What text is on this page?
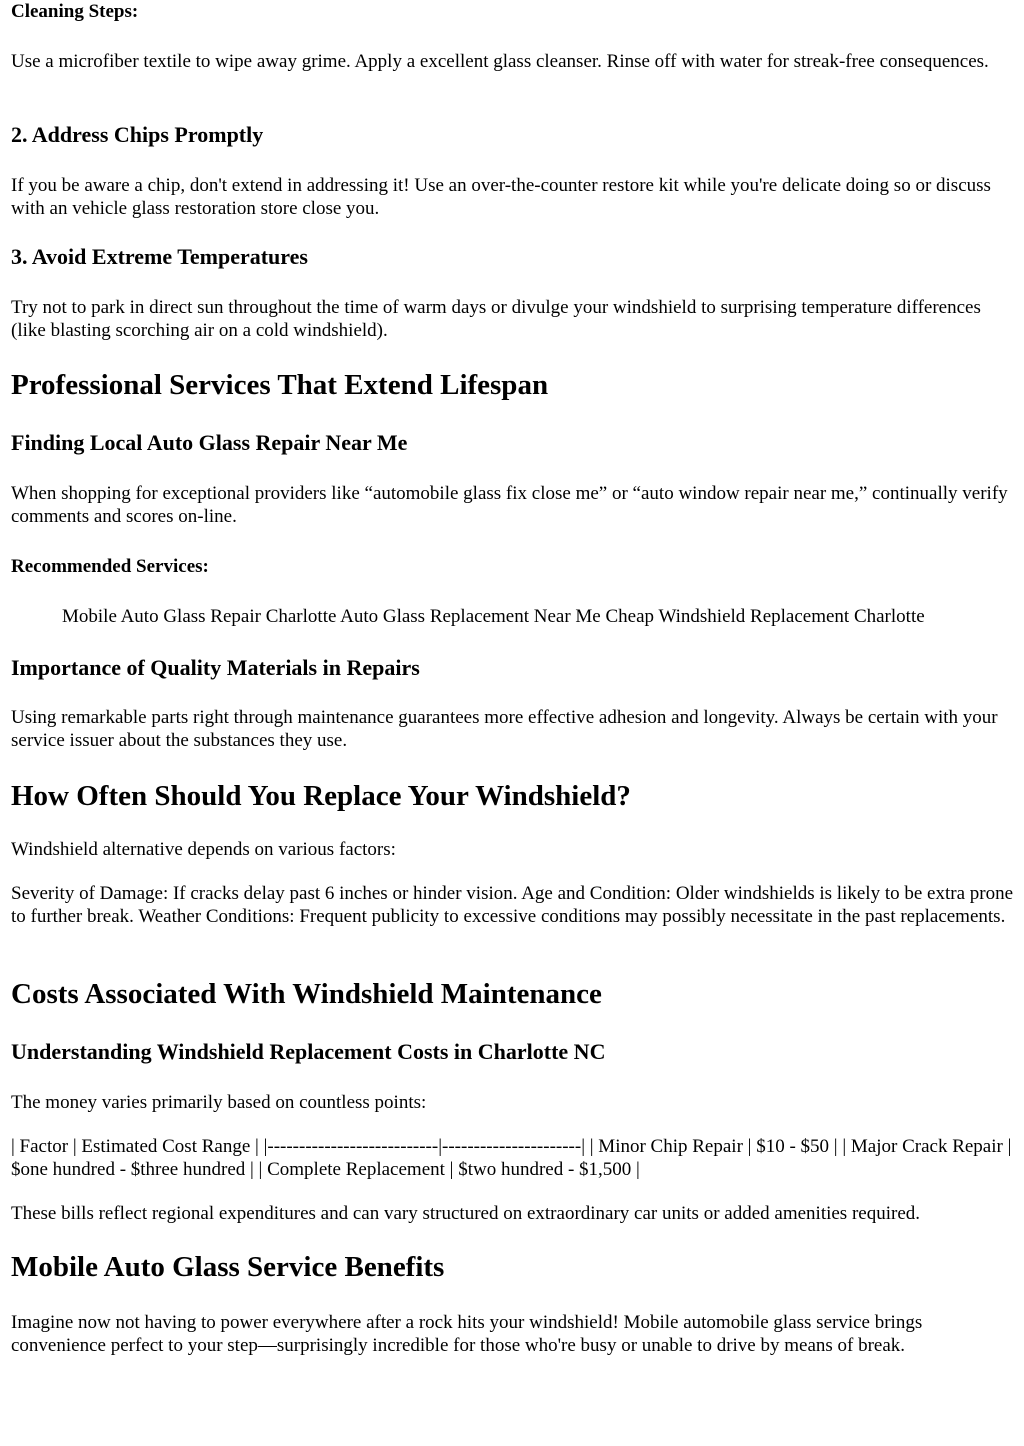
Cleaning Steps:

Use a microfiber textile to wipe away grime. Apply a excellent glass cleanser. Rinse off with water for streak-free consequences.

2. Address Chips Promptly

If you be aware a chip, don't extend in addressing it! Use an over-the-counter restore kit while you're delicate doing so or discuss with an vehicle glass restoration store close you.

3. Avoid Extreme Temperatures

Try not to park in direct sun throughout the time of warm days or divulge your windshield to surprising temperature differences (like blasting scorching air on a cold windshield).

Professional Services That Extend Lifespan
Finding Local Auto Glass Repair Near Me

When shopping for exceptional providers like “automobile glass fix close me” or “auto window repair near me,” continually verify comments and scores on-line.

Recommended Services:

Mobile Auto Glass Repair Charlotte Auto Glass Replacement Near Me Cheap Windshield Replacement Charlotte

Importance of Quality Materials in Repairs

Using remarkable parts right through maintenance guarantees more effective adhesion and longevity. Always be certain with your service issuer about the substances they use.

How Often Should You Replace Your Windshield?

Windshield alternative depends on various factors:

Severity of Damage: If cracks delay past 6 inches or hinder vision. Age and Condition: Older windshields is likely to be extra prone to further break. Weather Conditions: Frequent publicity to excessive conditions may possibly necessitate in the past replacements.

Costs Associated With Windshield Maintenance
Understanding Windshield Replacement Costs in Charlotte NC

The money varies primarily based on countless points:

| Factor | Estimated Cost Range | |---------------------------|----------------------| | Minor Chip Repair | $10 - $50 | | Major Crack Repair | $one hundred - $three hundred | | Complete Replacement | $two hundred - $1,500 |

These bills reflect regional expenditures and can vary structured on extraordinary car units or added amenities required.

Mobile Auto Glass Service Benefits

Imagine now not having to power everywhere after a rock hits your windshield! Mobile automobile glass service brings convenience perfect to your step—surprisingly incredible for those who're busy or unable to drive by means of break.
